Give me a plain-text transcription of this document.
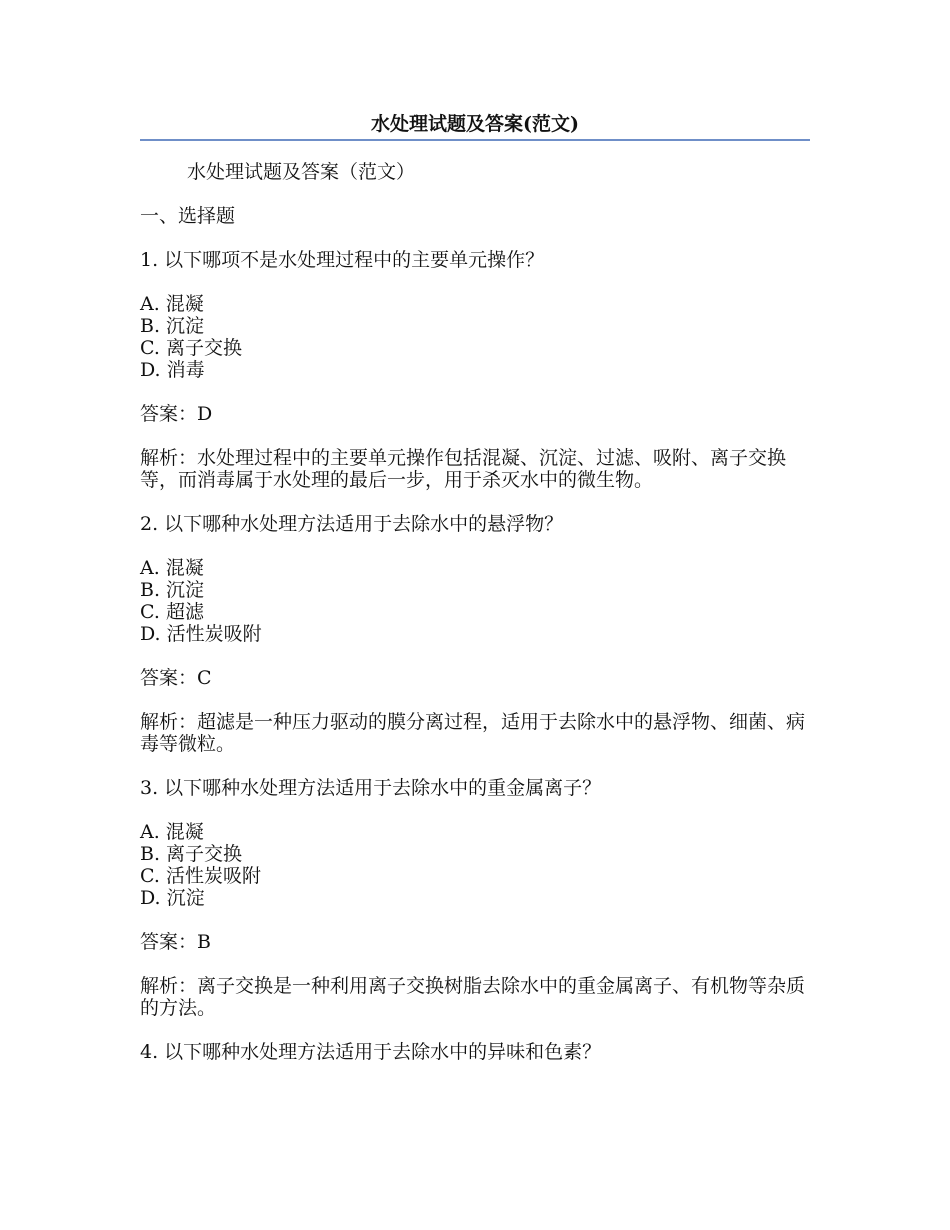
水处理试题及答案(范文)

水处理试题及答案（范文）

一、选择题

1. 以下哪项不是水处理过程中的主要单元操作？

A. 混凝
B. 沉淀
C. 离子交换
D. 消毒

答案：D

解析：水处理过程中的主要单元操作包括混凝、沉淀、过滤、吸附、离子交换等，而消毒属于水处理的最后一步，用于杀灭水中的微生物。

2. 以下哪种水处理方法适用于去除水中的悬浮物？

A. 混凝
B. 沉淀
C. 超滤
D. 活性炭吸附

答案：C

解析：超滤是一种压力驱动的膜分离过程，适用于去除水中的悬浮物、细菌、病毒等微粒。

3. 以下哪种水处理方法适用于去除水中的重金属离子？

A. 混凝
B. 离子交换
C. 活性炭吸附
D. 沉淀

答案：B

解析：离子交换是一种利用离子交换树脂去除水中的重金属离子、有机物等杂质的方法。

4. 以下哪种水处理方法适用于去除水中的异味和色素？
